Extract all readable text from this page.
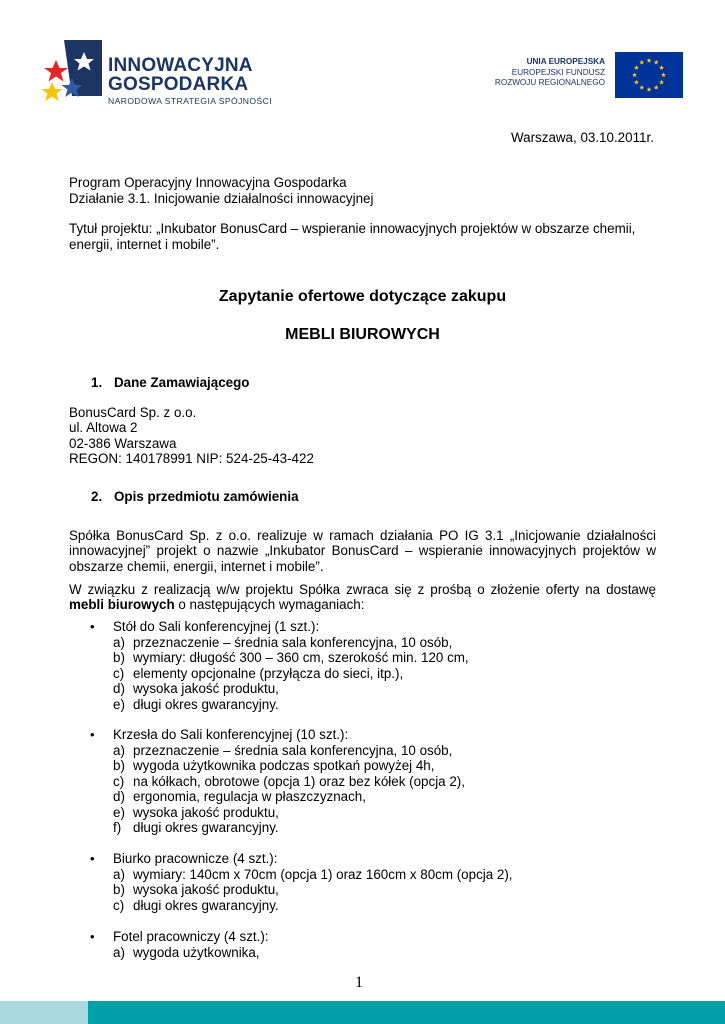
INNOWACYJNA
GOSPODARKA
NARODOWA STRATEGIA SPÓJNOŚCI
UNIA EUROPEJSKA
EUROPEJSKI FUNDUSZ
ROZWOJU REGIONALNEGO
Warszawa, 03.10.2011r.
Program Operacyjny Innowacyjna Gospodarka
Działanie 3.1. Inicjowanie działalności innowacyjnej
Tytuł projektu: „Inkubator BonusCard – wspieranie innowacyjnych projektów w obszarze chemii,
energii, internet i mobile”.
Zapytanie ofertowe dotyczące zakupu
MEBLI BIUROWYCH
1. Dane Zamawiającego
BonusCard Sp. z o.o.
ul. Altowa 2
02-386 Warszawa
REGON: 140178991 NIP: 524-25-43-422
2. Opis przedmiotu zamówienia
Spółka BonusCard Sp. z o.o. realizuje w ramach działania PO IG 3.1 „Inicjowanie działalności
innowacyjnej” projekt o nazwie „Inkubator BonusCard – wspieranie innowacyjnych projektów w
obszarze chemii, energii, internet i mobile”.
W związku z realizacją w/w projektu Spółka zwraca się z prośbą o złożenie oferty na dostawę
mebli biurowych o następujących wymaganiach:
• Stół do Sali konferencyjnej (1 szt.):
a) przeznaczenie – średnia sala konferencyjna, 10 osób,
b) wymiary: długość 300 – 360 cm, szerokość min. 120 cm,
c) elementy opcjonalne (przyłącza do sieci, itp.),
d) wysoka jakość produktu,
e) długi okres gwarancyjny.
• Krzesła do Sali konferencyjnej (10 szt.):
a) przeznaczenie – średnia sala konferencyjna, 10 osób,
b) wygoda użytkownika podczas spotkań powyżej 4h,
c) na kółkach, obrotowe (opcja 1) oraz bez kółek (opcja 2),
d) ergonomia, regulacja w płaszczyznach,
e) wysoka jakość produktu,
f) długi okres gwarancyjny.
• Biurko pracownicze (4 szt.):
a) wymiary: 140cm x 70cm (opcja 1) oraz 160cm x 80cm (opcja 2),
b) wysoka jakość produktu,
c) długi okres gwarancyjny.
• Fotel pracowniczy (4 szt.):
a) wygoda użytkownika,
1
